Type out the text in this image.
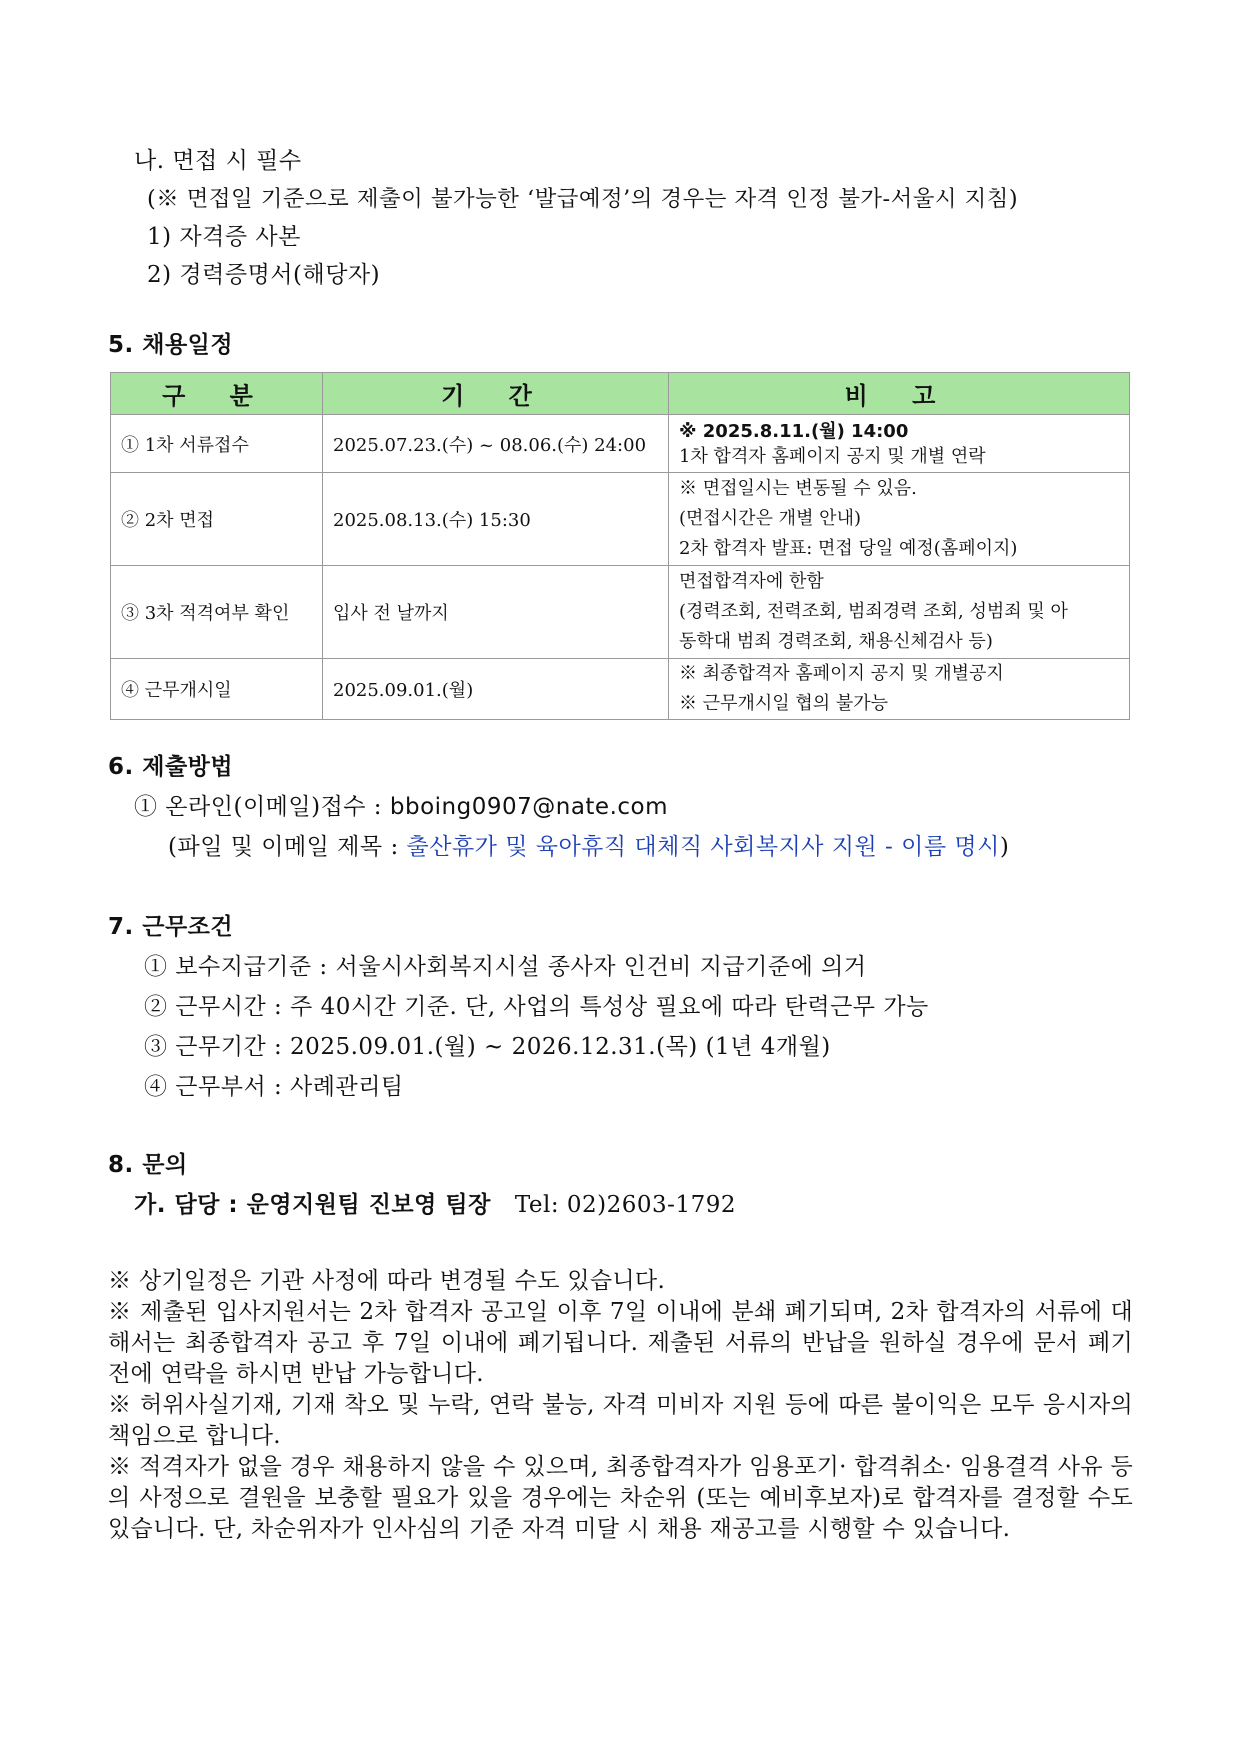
나. 면접 시 필수
(※ 면접일 기준으로 제출이 불가능한 ‘발급예정’의 경우는 자격 인정 불가-서울시 지침)
1) 자격증 사본
2) 경력증명서(해당자)
5. 채용일정
구 분	기 간	비 고
① 1차 서류접수	2025.07.23.(수) ~ 08.06.(수) 24:00	※ 2025.8.11.(월) 14:00
1차 합격자 홈페이지 공지 및 개별 연락

② 2차 면접	2025.08.13.(수) 15:30	※ 면접일시는 변동될 수 있음.
(면접시간은 개별 안내)
2차 합격자 발표: 면접 당일 예정(홈페이지)

③ 3차 적격여부 확인	입사 전 날까지	면접합격자에 한함
(경력조회, 전력조회, 범죄경력 조회, 성범죄 및 아
동학대 범죄 경력조회, 채용신체검사 등)

④ 근무개시일	2025.09.01.(월)	※ 최종합격자 홈페이지 공지 및 개별공지
※ 근무개시일 협의 불가능
6. 제출방법
① 온라인(이메일)접수 : bboing0907@nate.com
(파일 및 이메일 제목 : 출산휴가 및 육아휴직 대체직 사회복지사 지원 - 이름 명시)
7. 근무조건
① 보수지급기준 : 서울시사회복지시설 종사자 인건비 지급기준에 의거
② 근무시간 : 주 40시간 기준. 단, 사업의 특성상 필요에 따라 탄력근무 가능
③ 근무기간 : 2025.09.01.(월) ~ 2026.12.31.(목) (1년 4개월)
④ 근무부서 : 사례관리팀
8. 문의
가. 담당 : 운영지원팀 진보영 팀장 Tel: 02)2603-1792
※ 상기일정은 기관 사정에 따라 변경될 수도 있습니다.
※ 제출된 입사지원서는 2차 합격자 공고일 이후 7일 이내에 분쇄 폐기되며, 2차 합격자의 서류에 대해서는 최종합격자 공고 후 7일 이내에 폐기됩니다. 제출된 서류의 반납을 원하실 경우에 문서 폐기 전에 연락을 하시면 반납 가능합니다.
※ 허위사실기재, 기재 착오 및 누락, 연락 불능, 자격 미비자 지원 등에 따른 불이익은 모두 응시자의 책임으로 합니다.
※ 적격자가 없을 경우 채용하지 않을 수 있으며, 최종합격자가 임용포기· 합격취소· 임용결격 사유 등의 사정으로 결원을 보충할 필요가 있을 경우에는 차순위 (또는 예비후보자)로 합격자를 결정할 수도 있습니다. 단, 차순위자가 인사심의 기준 자격 미달 시 채용 재공고를 시행할 수 있습니다.
